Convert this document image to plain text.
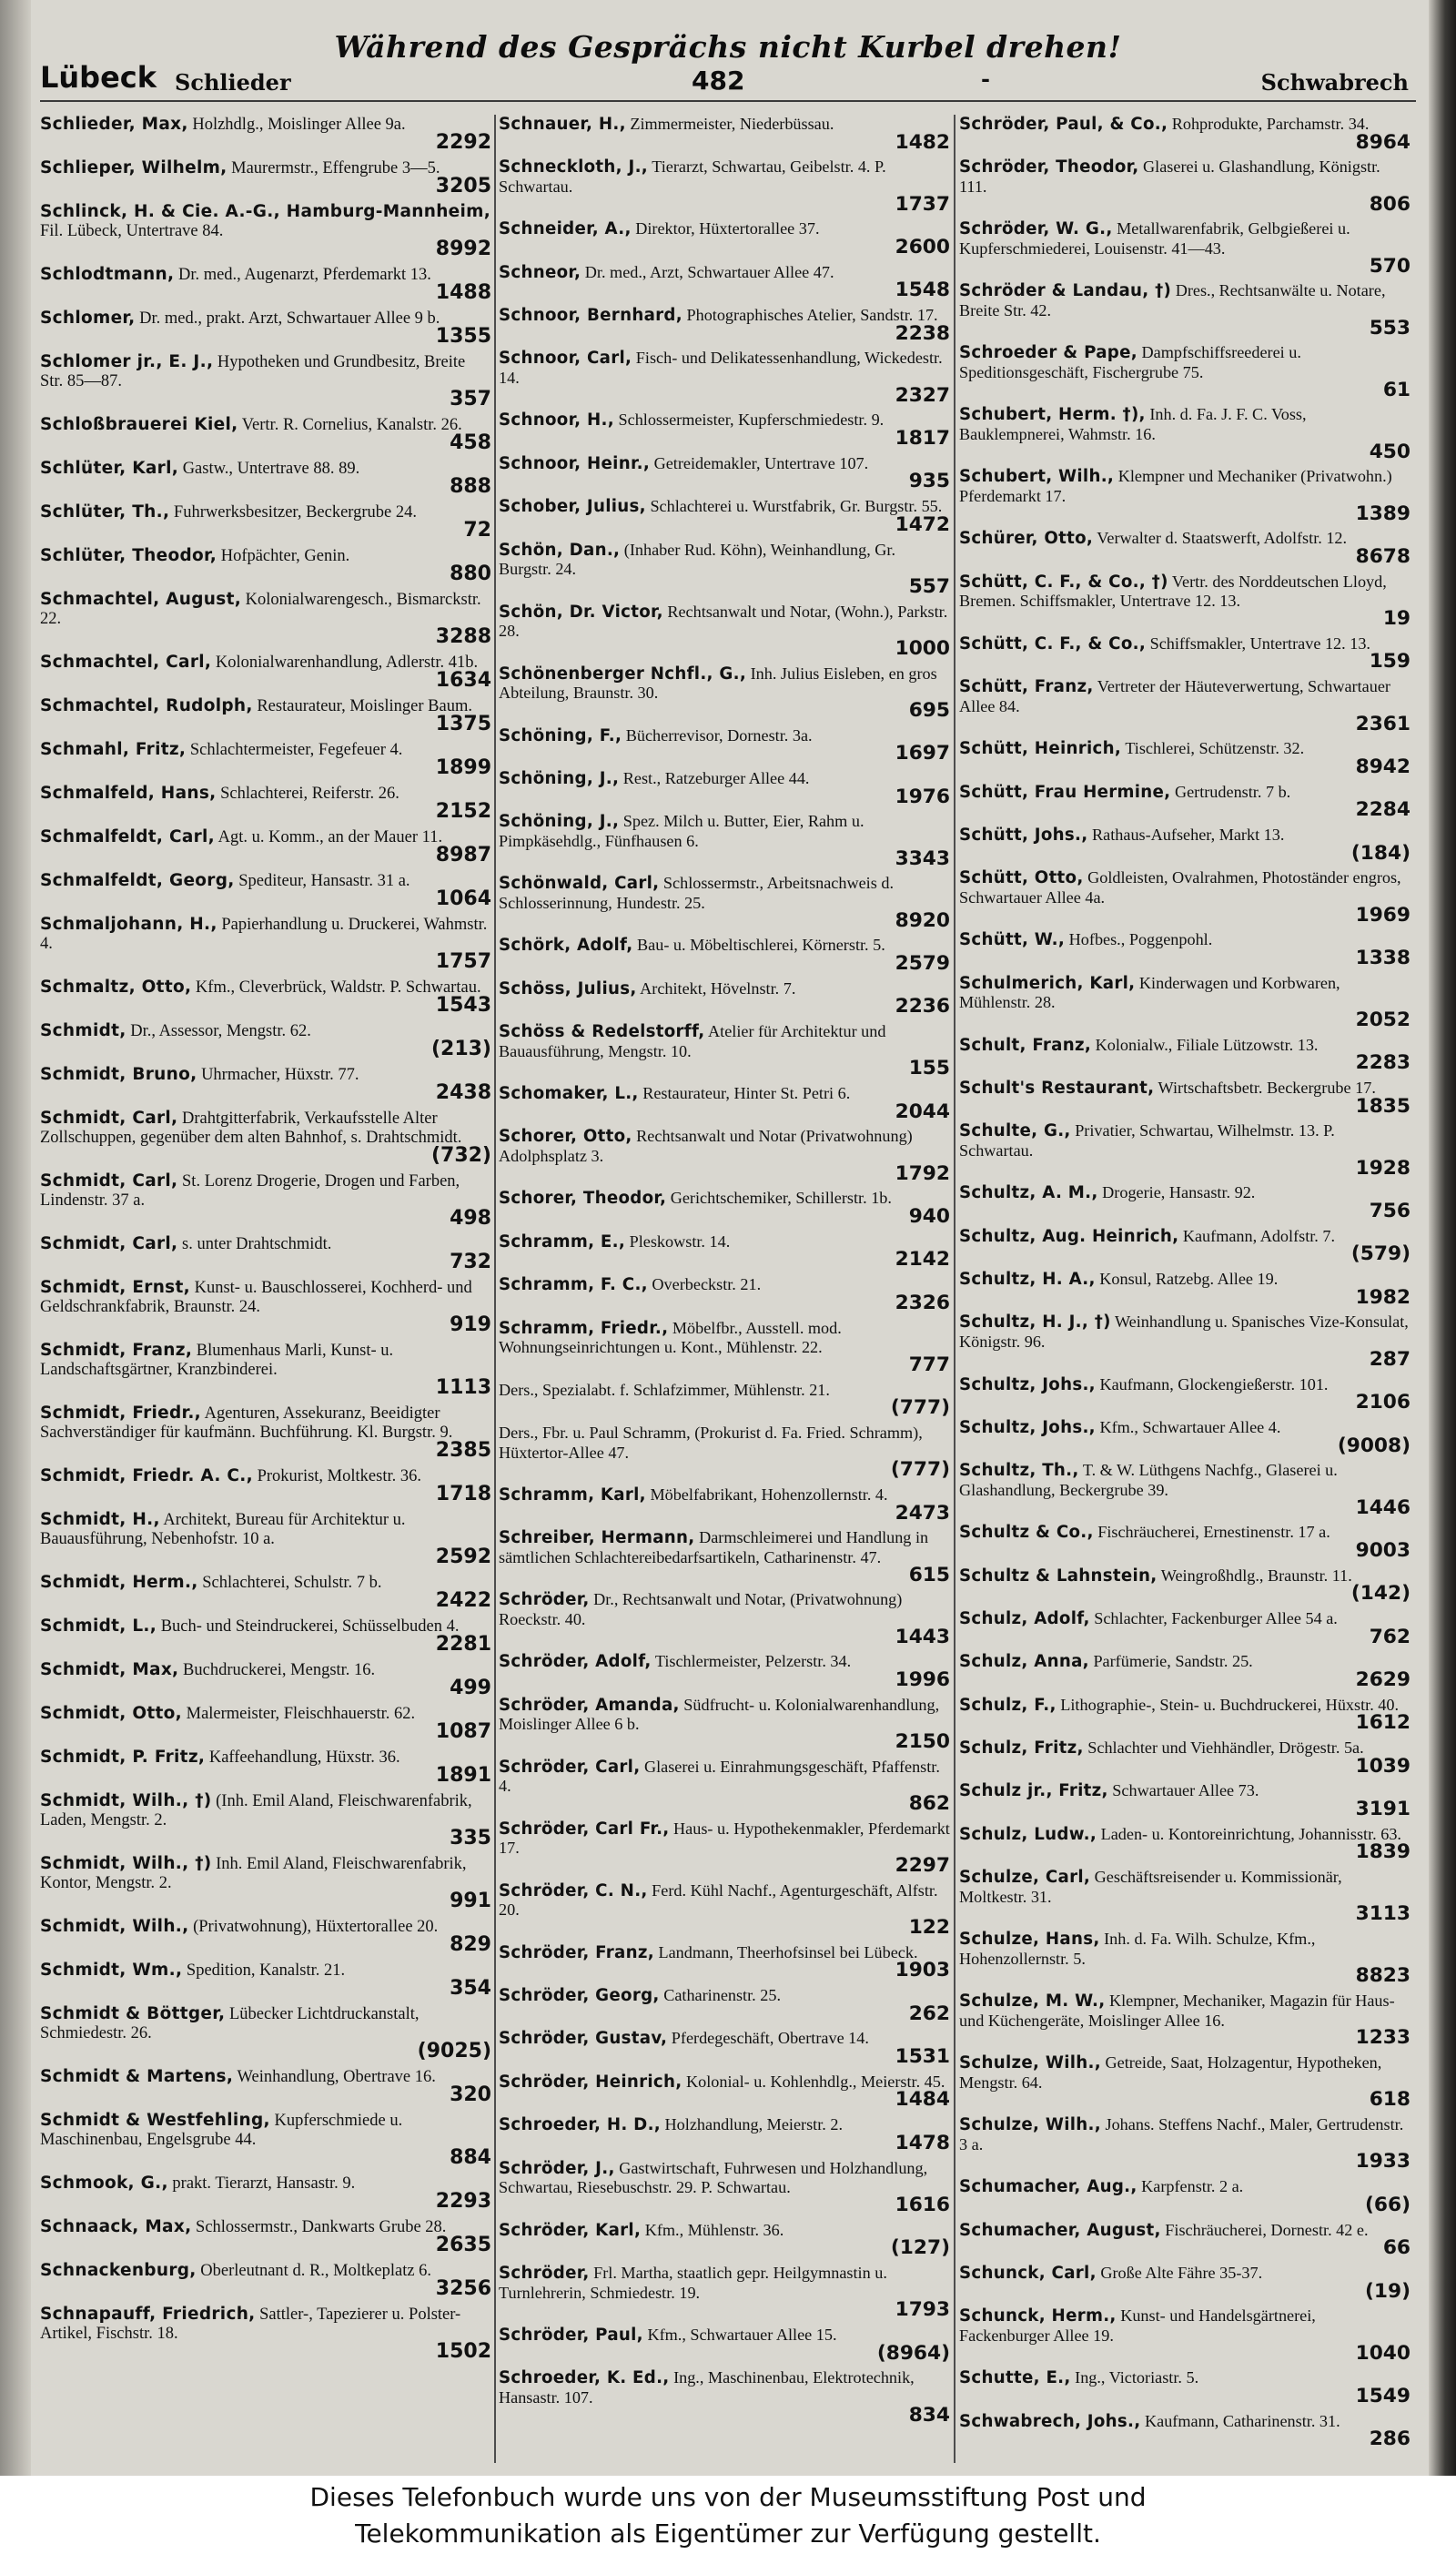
Während des Gesprächs nicht Kurbel drehen!
Lübeck Schlieder	482	-	Schwabrech
Schlieder, Max, Holzhdlg., Moislinger Allee 9a.
2292
Schlieper, Wilhelm, Maurermstr., Effengrube 3—5.
3205
Schlinck, H. & Cie. A.-G., Hamburg-Mannheim, Fil. Lübeck, Untertrave 84.
8992
Schlodtmann, Dr. med., Augenarzt, Pferdemarkt 13.
1488
Schlomer, Dr. med., prakt. Arzt, Schwartauer Allee 9 b.
1355
Schlomer jr., E. J., Hypotheken und Grundbesitz, Breite Str. 85—87.
357
Schloßbrauerei Kiel, Vertr. R. Cornelius, Kanalstr. 26.
458
Schlüter, Karl, Gastw., Untertrave 88. 89.
888
Schlüter, Th., Fuhrwerksbesitzer, Beckergrube 24.
72
Schlüter, Theodor, Hofpächter, Genin.
880
Schmachtel, August, Kolonialwarengesch., Bismarckstr. 22.
3288
Schmachtel, Carl, Kolonialwarenhandlung, Adlerstr. 41b.
1634
Schmachtel, Rudolph, Restaurateur, Moislinger Baum.
1375
Schmahl, Fritz, Schlachtermeister, Fegefeuer 4.
1899
Schmalfeld, Hans, Schlachterei, Reiferstr. 26.
2152
Schmalfeldt, Carl, Agt. u. Komm., an der Mauer 11.
8987
Schmalfeldt, Georg, Spediteur, Hansastr. 31 a.
1064
Schmaljohann, H., Papierhandlung u. Druckerei, Wahmstr. 4.
1757
Schmaltz, Otto, Kfm., Cleverbrück, Waldstr. P. Schwartau.
1543
Schmidt, Dr., Assessor, Mengstr. 62.
(213)
Schmidt, Bruno, Uhrmacher, Hüxstr. 77.
2438
Schmidt, Carl, Drahtgitterfabrik, Verkaufsstelle Alter Zollschuppen, gegenüber dem alten Bahnhof, s. Drahtschmidt.
(732)
Schmidt, Carl, St. Lorenz Drogerie, Drogen und Farben, Lindenstr. 37 a.
498
Schmidt, Carl, s. unter Drahtschmidt.
732
Schmidt, Ernst, Kunst- u. Bauschlosserei, Kochherd- und Geldschrankfabrik, Braunstr. 24.
919
Schmidt, Franz, Blumenhaus Marli, Kunst- u. Landschaftsgärtner, Kranzbinderei.
1113
Schmidt, Friedr., Agenturen, Assekuranz, Beeidigter Sachverständiger für kaufmänn. Buchführung. Kl. Burgstr. 9.
2385
Schmidt, Friedr. A. C., Prokurist, Moltkestr. 36.
1718
Schmidt, H., Architekt, Bureau für Architektur u. Bauausführung, Nebenhofstr. 10 a.
2592
Schmidt, Herm., Schlachterei, Schulstr. 7 b.
2422
Schmidt, L., Buch- und Steindruckerei, Schüsselbuden 4.
2281
Schmidt, Max, Buchdruckerei, Mengstr. 16.
499
Schmidt, Otto, Malermeister, Fleischhauerstr. 62.
1087
Schmidt, P. Fritz, Kaffeehandlung, Hüxstr. 36.
1891
Schmidt, Wilh., †) (Inh. Emil Aland, Fleischwarenfabrik, Laden, Mengstr. 2.
335
Schmidt, Wilh., †) Inh. Emil Aland, Fleischwarenfabrik, Kontor, Mengstr. 2.
991
Schmidt, Wilh., (Privatwohnung), Hüxtertorallee 20.
829
Schmidt, Wm., Spedition, Kanalstr. 21.
354
Schmidt & Böttger, Lübecker Lichtdruckanstalt, Schmiedestr. 26.
(9025)
Schmidt & Martens, Weinhandlung, Obertrave 16.
320
Schmidt & Westfehling, Kupferschmiede u. Maschinenbau, Engelsgrube 44.
884
Schmook, G., prakt. Tierarzt, Hansastr. 9.
2293
Schnaack, Max, Schlossermstr., Dankwarts Grube 28.
2635
Schnackenburg, Oberleutnant d. R., Moltkeplatz 6.
3256
Schnapauff, Friedrich, Sattler-, Tapezierer u. Polster-Artikel, Fischstr. 18.
1502
Schnauer, H., Zimmermeister, Niederbüssau.
1482
Schneckloth, J., Tierarzt, Schwartau, Geibelstr. 4. P. Schwartau.
1737
Schneider, A., Direktor, Hüxtertorallee 37.
2600
Schneor, Dr. med., Arzt, Schwartauer Allee 47.
1548
Schnoor, Bernhard, Photographisches Atelier, Sandstr. 17.
2238
Schnoor, Carl, Fisch- und Delikatessenhandlung, Wickedestr. 14.
2327
Schnoor, H., Schlossermeister, Kupferschmiedestr. 9.
1817
Schnoor, Heinr., Getreidemakler, Untertrave 107.
935
Schober, Julius, Schlachterei u. Wurstfabrik, Gr. Burgstr. 55.
1472
Schön, Dan., (Inhaber Rud. Köhn), Weinhandlung, Gr. Burgstr. 24.
557
Schön, Dr. Victor, Rechtsanwalt und Notar, (Wohn.), Parkstr. 28.
1000
Schönenberger Nchfl., G., Inh. Julius Eisleben, en gros Abteilung, Braunstr. 30.
695
Schöning, F., Bücherrevisor, Dornestr. 3a.
1697
Schöning, J., Rest., Ratzeburger Allee 44.
1976
Schöning, J., Spez. Milch u. Butter, Eier, Rahm u. Pimpkäsehdlg., Fünfhausen 6.
3343
Schönwald, Carl, Schlossermstr., Arbeitsnachweis d. Schlosserinnung, Hundestr. 25.
8920
Schörk, Adolf, Bau- u. Möbeltischlerei, Körnerstr. 5.
2579
Schöss, Julius, Architekt, Hövelnstr. 7.
2236
Schöss & Redelstorff, Atelier für Architektur und Bauausführung, Mengstr. 10.
155
Schomaker, L., Restaurateur, Hinter St. Petri 6.
2044
Schorer, Otto, Rechtsanwalt und Notar (Privatwohnung) Adolphsplatz 3.
1792
Schorer, Theodor, Gerichtschemiker, Schillerstr. 1b.
940
Schramm, E., Pleskowstr. 14.
2142
Schramm, F. C., Overbeckstr. 21.
2326
Schramm, Friedr., Möbelfbr., Ausstell. mod. Wohnungseinrichtungen u. Kont., Mühlenstr. 22.
777
Ders., Spezialabt. f. Schlafzimmer, Mühlenstr. 21.
(777)
Ders., Fbr. u. Paul Schramm, (Prokurist d. Fa. Fried. Schramm), Hüxtertor-Allee 47.
(777)
Schramm, Karl, Möbelfabrikant, Hohenzollernstr. 4.
2473
Schreiber, Hermann, Darmschleimerei und Handlung in sämtlichen Schlachtereibedarfsartikeln, Catharinenstr. 47.
615
Schröder, Dr., Rechtsanwalt und Notar, (Privatwohnung) Roeckstr. 40.
1443
Schröder, Adolf, Tischlermeister, Pelzerstr. 34.
1996
Schröder, Amanda, Südfrucht- u. Kolonialwarenhandlung, Moislinger Allee 6 b.
2150
Schröder, Carl, Glaserei u. Einrahmungsgeschäft, Pfaffenstr. 4.
862
Schröder, Carl Fr., Haus- u. Hypothekenmakler, Pferdemarkt 17.
2297
Schröder, C. N., Ferd. Kühl Nachf., Agenturgeschäft, Alfstr. 20.
122
Schröder, Franz, Landmann, Theerhofsinsel bei Lübeck.
1903
Schröder, Georg, Catharinenstr. 25.
262
Schröder, Gustav, Pferdegeschäft, Obertrave 14.
1531
Schröder, Heinrich, Kolonial- u. Kohlenhdlg., Meierstr. 45.
1484
Schroeder, H. D., Holzhandlung, Meierstr. 2.
1478
Schröder, J., Gastwirtschaft, Fuhrwesen und Holzhandlung, Schwartau, Riesebuschstr. 29. P. Schwartau.
1616
Schröder, Karl, Kfm., Mühlenstr. 36.
(127)
Schröder, Frl. Martha, staatlich gepr. Heilgymnastin u. Turnlehrerin, Schmiedestr. 19.
1793
Schröder, Paul, Kfm., Schwartauer Allee 15.
(8964)
Schroeder, K. Ed., Ing., Maschinenbau, Elektrotechnik, Hansastr. 107.
834
Schröder, Paul, & Co., Rohprodukte, Parchamstr. 34.
8964
Schröder, Theodor, Glaserei u. Glashandlung, Königstr. 111.
806
Schröder, W. G., Metallwarenfabrik, Gelbgießerei u. Kupferschmiederei, Louisenstr. 41—43.
570
Schröder & Landau, †) Dres., Rechtsanwälte u. Notare, Breite Str. 42.
553
Schroeder & Pape, Dampfschiffsreederei u. Speditionsgeschäft, Fischergrube 75.
61
Schubert, Herm. †), Inh. d. Fa. J. F. C. Voss, Bauklempnerei, Wahmstr. 16.
450
Schubert, Wilh., Klempner und Mechaniker (Privatwohn.) Pferdemarkt 17.
1389
Schürer, Otto, Verwalter d. Staatswerft, Adolfstr. 12.
8678
Schütt, C. F., & Co., †) Vertr. des Norddeutschen Lloyd, Bremen. Schiffsmakler, Untertrave 12. 13.
19
Schütt, C. F., & Co., Schiffsmakler, Untertrave 12. 13.
159
Schütt, Franz, Vertreter der Häuteverwertung, Schwartauer Allee 84.
2361
Schütt, Heinrich, Tischlerei, Schützenstr. 32.
8942
Schütt, Frau Hermine, Gertrudenstr. 7 b.
2284
Schütt, Johs., Rathaus-Aufseher, Markt 13.
(184)
Schütt, Otto, Goldleisten, Ovalrahmen, Photoständer engros, Schwartauer Allee 4a.
1969
Schütt, W., Hofbes., Poggenpohl.
1338
Schulmerich, Karl, Kinderwagen und Korbwaren, Mühlenstr. 28.
2052
Schult, Franz, Kolonialw., Filiale Lützowstr. 13.
2283
Schult's Restaurant, Wirtschaftsbetr. Beckergrube 17.
1835
Schulte, G., Privatier, Schwartau, Wilhelmstr. 13. P. Schwartau.
1928
Schultz, A. M., Drogerie, Hansastr. 92.
756
Schultz, Aug. Heinrich, Kaufmann, Adolfstr. 7.
(579)
Schultz, H. A., Konsul, Ratzebg. Allee 19.
1982
Schultz, H. J., †) Weinhandlung u. Spanisches Vize-Konsulat, Königstr. 96.
287
Schultz, Johs., Kaufmann, Glockengießerstr. 101.
2106
Schultz, Johs., Kfm., Schwartauer Allee 4.
(9008)
Schultz, Th., T. & W. Lüthgens Nachfg., Glaserei u. Glashandlung, Beckergrube 39.
1446
Schultz & Co., Fischräucherei, Ernestinenstr. 17 a.
9003
Schultz & Lahnstein, Weingroßhdlg., Braunstr. 11.
(142)
Schulz, Adolf, Schlachter, Fackenburger Allee 54 a.
762
Schulz, Anna, Parfümerie, Sandstr. 25.
2629
Schulz, F., Lithographie-, Stein- u. Buchdruckerei, Hüxstr. 40.
1612
Schulz, Fritz, Schlachter und Viehhändler, Drögestr. 5a.
1039
Schulz jr., Fritz, Schwartauer Allee 73.
3191
Schulz, Ludw., Laden- u. Kontoreinrichtung, Johannisstr. 63.
1839
Schulze, Carl, Geschäftsreisender u. Kommissionär, Moltkestr. 31.
3113
Schulze, Hans, Inh. d. Fa. Wilh. Schulze, Kfm., Hohenzollernstr. 5.
8823
Schulze, M. W., Klempner, Mechaniker, Magazin für Haus- und Küchengeräte, Moislinger Allee 16.
1233
Schulze, Wilh., Getreide, Saat, Holzagentur, Hypotheken, Mengstr. 64.
618
Schulze, Wilh., Johans. Steffens Nachf., Maler, Gertrudenstr. 3 a.
1933
Schumacher, Aug., Karpfenstr. 2 a.
(66)
Schumacher, August, Fischräucherei, Dornestr. 42 e.
66
Schunck, Carl, Große Alte Fähre 35-37.
(19)
Schunck, Herm., Kunst- und Handelsgärtnerei, Fackenburger Allee 19.
1040
Schutte, E., Ing., Victoriastr. 5.
1549
Schwabrech, Johs., Kaufmann, Catharinenstr. 31.
286
Dieses Telefonbuch wurde uns von der Museumsstiftung Post und
Telekommunikation als Eigentümer zur Verfügung gestellt.
